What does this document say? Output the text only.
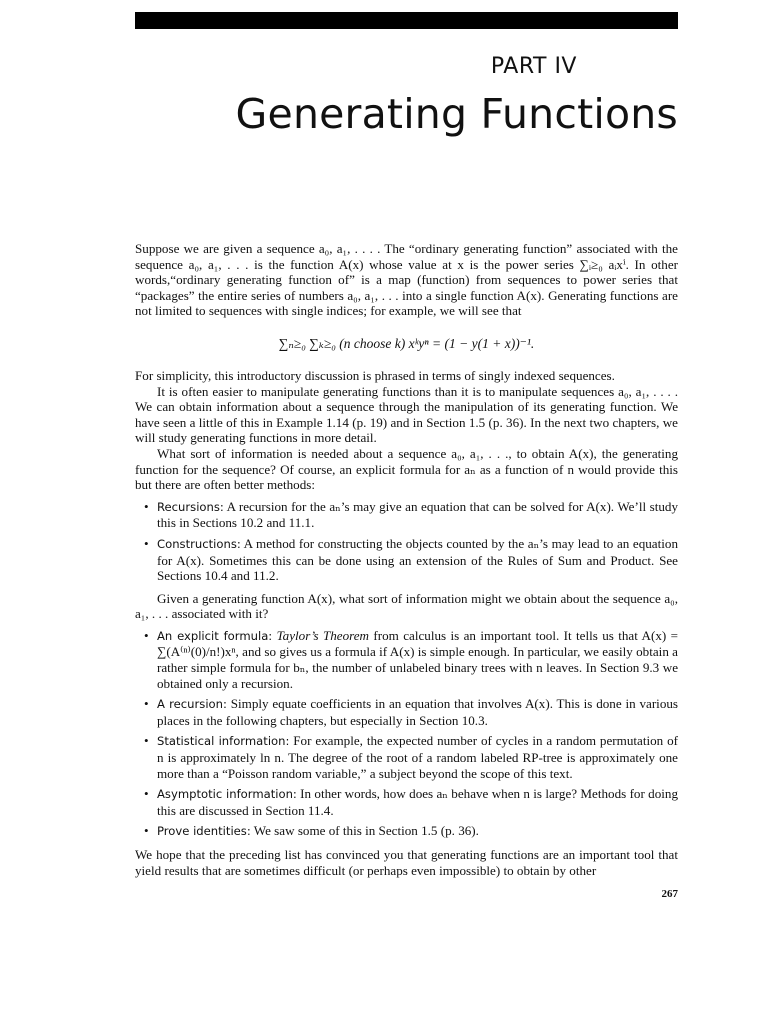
PART IV
Generating Functions

Suppose we are given a sequence a₀, a₁, . . . . The “ordinary generating function” associated with the sequence a₀, a₁, . . . is the function A(x) whose value at x is the power series ∑ᵢ≥₀ aᵢxⁱ. In other words,“ordinary generating function of” is a map (function) from sequences to power series that “packages” the entire series of numbers a₀, a₁, . . . into a single function A(x). Generating functions are not limited to sequences with single indices; for example, we will see that

∑ₙ≥₀ ∑ₖ≥₀ (n choose k) xᵏyⁿ = (1 − y(1 + x))⁻¹.

For simplicity, this introductory discussion is phrased in terms of singly indexed sequences.

It is often easier to manipulate generating functions than it is to manipulate sequences a₀, a₁, . . . . We can obtain information about a sequence through the manipulation of its generating function. We have seen a little of this in Example 1.14 (p. 19) and in Section 1.5 (p. 36). In the next two chapters, we will study generating functions in more detail.

What sort of information is needed about a sequence a₀, a₁, . . ., to obtain A(x), the generating function for the sequence? Of course, an explicit formula for aₙ as a function of n would provide this but there are often better methods:

• Recursions: A recursion for the aₙ’s may give an equation that can be solved for A(x). We’ll study this in Sections 10.2 and 11.1.
• Constructions: A method for constructing the objects counted by the aₙ’s may lead to an equation for A(x). Sometimes this can be done using an extension of the Rules of Sum and Product. See Sections 10.4 and 11.2.

Given a generating function A(x), what sort of information might we obtain about the sequence a₀, a₁, . . . associated with it?

• An explicit formula: Taylor’s Theorem from calculus is an important tool. It tells us that A(x) = ∑(A⁽ⁿ⁾(0)/n!)xⁿ, and so gives us a formula if A(x) is simple enough. In particular, we easily obtain a rather simple formula for bₙ, the number of unlabeled binary trees with n leaves. In Section 9.3 we obtained only a recursion.
• A recursion: Simply equate coefficients in an equation that involves A(x). This is done in various places in the following chapters, but especially in Section 10.3.
• Statistical information: For example, the expected number of cycles in a random permutation of n is approximately ln n. The degree of the root of a random labeled RP-tree is approximately one more than a “Poisson random variable,” a subject beyond the scope of this text.
• Asymptotic information: In other words, how does aₙ behave when n is large? Methods for doing this are discussed in Section 11.4.
• Prove identities: We saw some of this in Section 1.5 (p. 36).

We hope that the preceding list has convinced you that generating functions are an important tool that yield results that are sometimes difficult (or perhaps even impossible) to obtain by other

267
